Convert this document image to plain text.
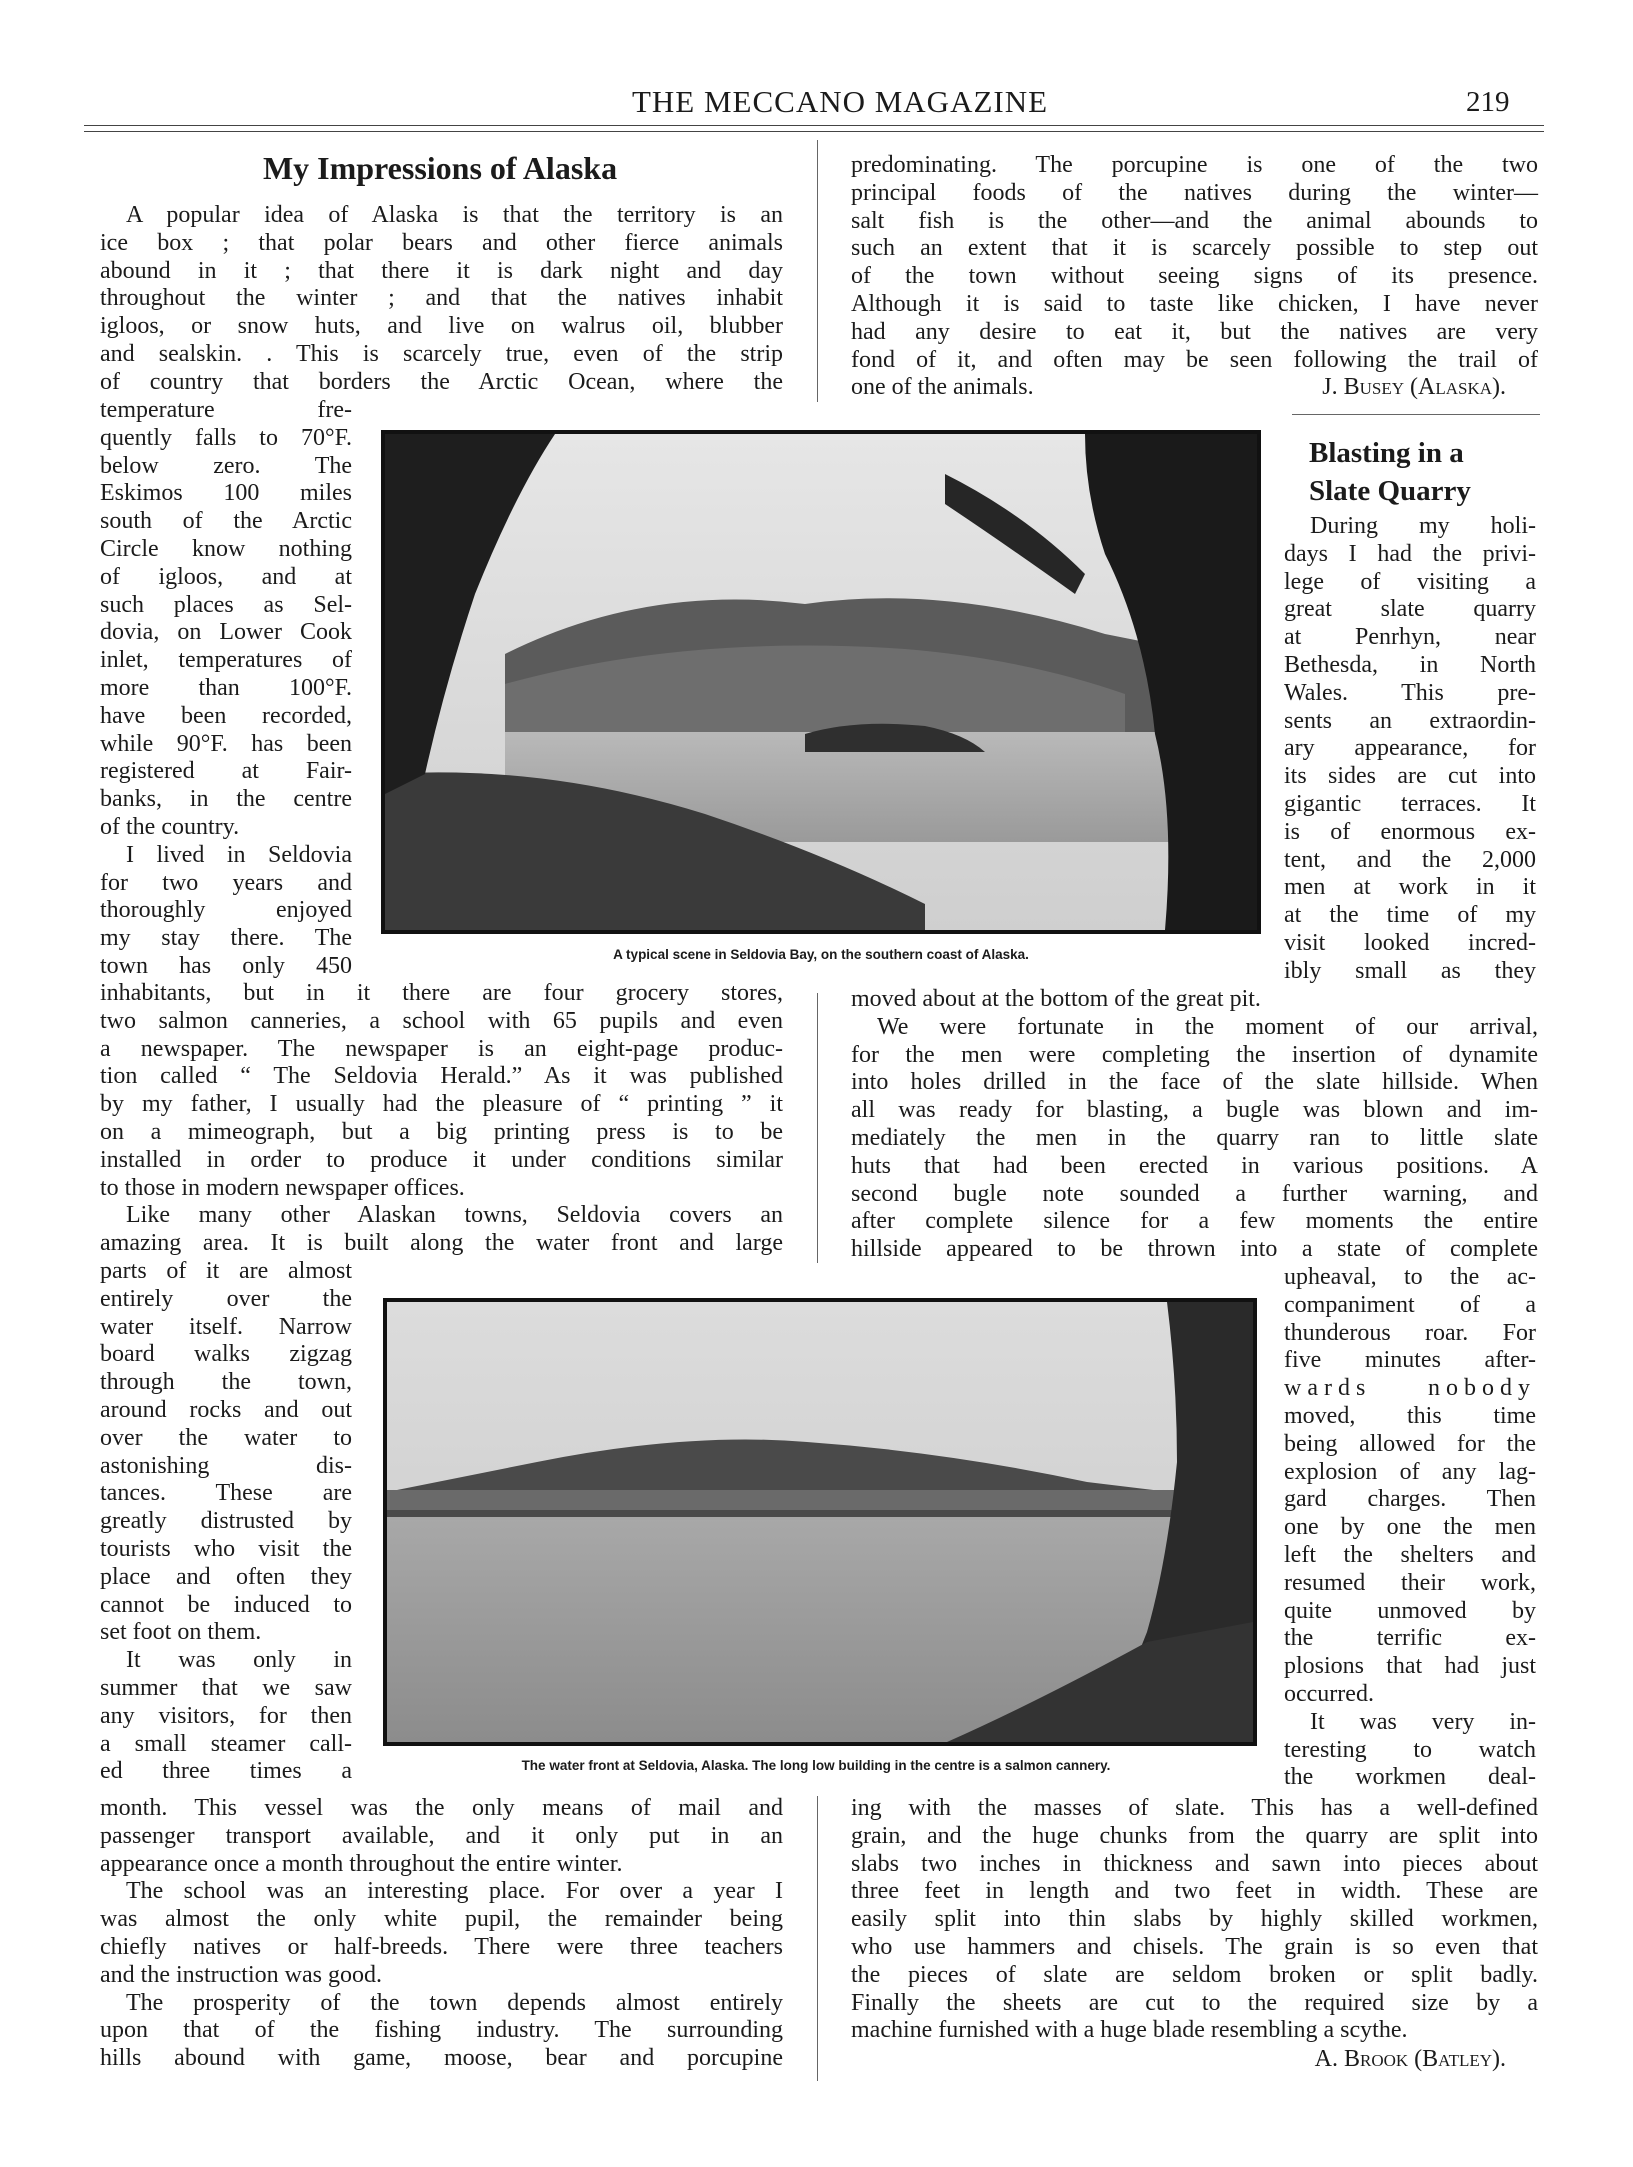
THE MECCANO MAGAZINE	219
My Impressions of Alaska

A popular idea of Alaska is that the territory is an

ice box ; that polar bears and other fierce animals

abound in it ; that there it is dark night and day

throughout the winter ; and that the natives inhabit

igloos, or snow huts, and live on walrus oil, blubber

and sealskin. . This is scarcely true, even of the strip

of country that borders the Arctic Ocean, where the

temperature fre-

quently falls to 70°F.

below zero. The

Eskimos 100 miles

south of the Arctic

Circle know nothing

of igloos, and at

such places as Sel-

dovia, on Lower Cook

inlet, temperatures of

more than 100°F.

have been recorded,

while 90°F. has been

registered at Fair-

banks, in the centre

of the country.

I lived in Seldovia

for two years and

thoroughly enjoyed

my stay there. The

town has only 450

inhabitants, but in it there are four grocery stores,

two salmon canneries, a school with 65 pupils and even

a newspaper. The newspaper is an eight-page produc-

tion called “ The Seldovia Herald.” As it was published

by my father, I usually had the pleasure of “ printing ” it

on a mimeograph, but a big printing press is to be

installed in order to produce it under conditions similar

to those in modern newspaper offices.

Like many other Alaskan towns, Seldovia covers an

amazing area. It is built along the water front and large

parts of it are almost

entirely over the

water itself. Narrow

board walks zigzag

through the town,

around rocks and out

over the water to

astonishing dis-

tances. These are

greatly distrusted by

tourists who visit the

place and often they

cannot be induced to

set foot on them.

It was only in

summer that we saw

any visitors, for then

a small steamer call-

ed three times a

month. This vessel was the only means of mail and

passenger transport available, and it only put in an

appearance once a month throughout the entire winter.

The school was an interesting place. For over a year I

was almost the only white pupil, the remainder being

chiefly natives or half-breeds. There were three teachers

and the instruction was good.

The prosperity of the town depends almost entirely

upon that of the fishing industry. The surrounding

hills abound with game, moose, bear and porcupine

predominating. The porcupine is one of the two

principal foods of the natives during the winter—

salt fish is the other—and the animal abounds to

such an extent that it is scarcely possible to step out

of the town without seeing signs of its presence.

Although it is said to taste like chicken, I have never

had any desire to eat it, but the natives are very

fond of it, and often may be seen following the trail of

one of the animals.	J. Busey (Alaska).
A typical scene in Seldovia Bay, on the southern coast of Alaska.
Blasting in a
Slate Quarry

During my holi-

days I had the privi-

lege of visiting a

great slate quarry

at Penrhyn, near

Bethesda, in North

Wales. This pre-

sents an extraordin-

ary appearance, for

its sides are cut into

gigantic terraces. It

is of enormous ex-

tent, and the 2,000

men at work in it

at the time of my

visit looked incred-

ibly small as they

moved about at the bottom of the great pit.

We were fortunate in the moment of our arrival,

for the men were completing the insertion of dynamite

into holes drilled in the face of the slate hillside. When

all was ready for blasting, a bugle was blown and im-

mediately the men in the quarry ran to little slate

huts that had been erected in various positions. A

second bugle note sounded a further warning, and

after complete silence for a few moments the entire

hillside appeared to be thrown into a state of complete

upheaval, to the ac-

companiment of a

thunderous roar. For

five minutes after-

wards nobody

moved, this time

being allowed for the

explosion of any lag-

gard charges. Then

one by one the men

left the shelters and

resumed their work,

quite unmoved by

the terrific ex-

plosions that had just

occurred.

It was very in-

teresting to watch

the workmen deal-

The water front at Seldovia, Alaska. The long low building in the centre is a salmon cannery.

ing with the masses of slate. This has a well-defined

grain, and the huge chunks from the quarry are split into

slabs two inches in thickness and sawn into pieces about

three feet in length and two feet in width. These are

easily split into thin slabs by highly skilled workmen,

who use hammers and chisels. The grain is so even that

the pieces of slate are seldom broken or split badly.

Finally the sheets are cut to the required size by a

machine furnished with a huge blade resembling a scythe.

A. Brook (Batley).
